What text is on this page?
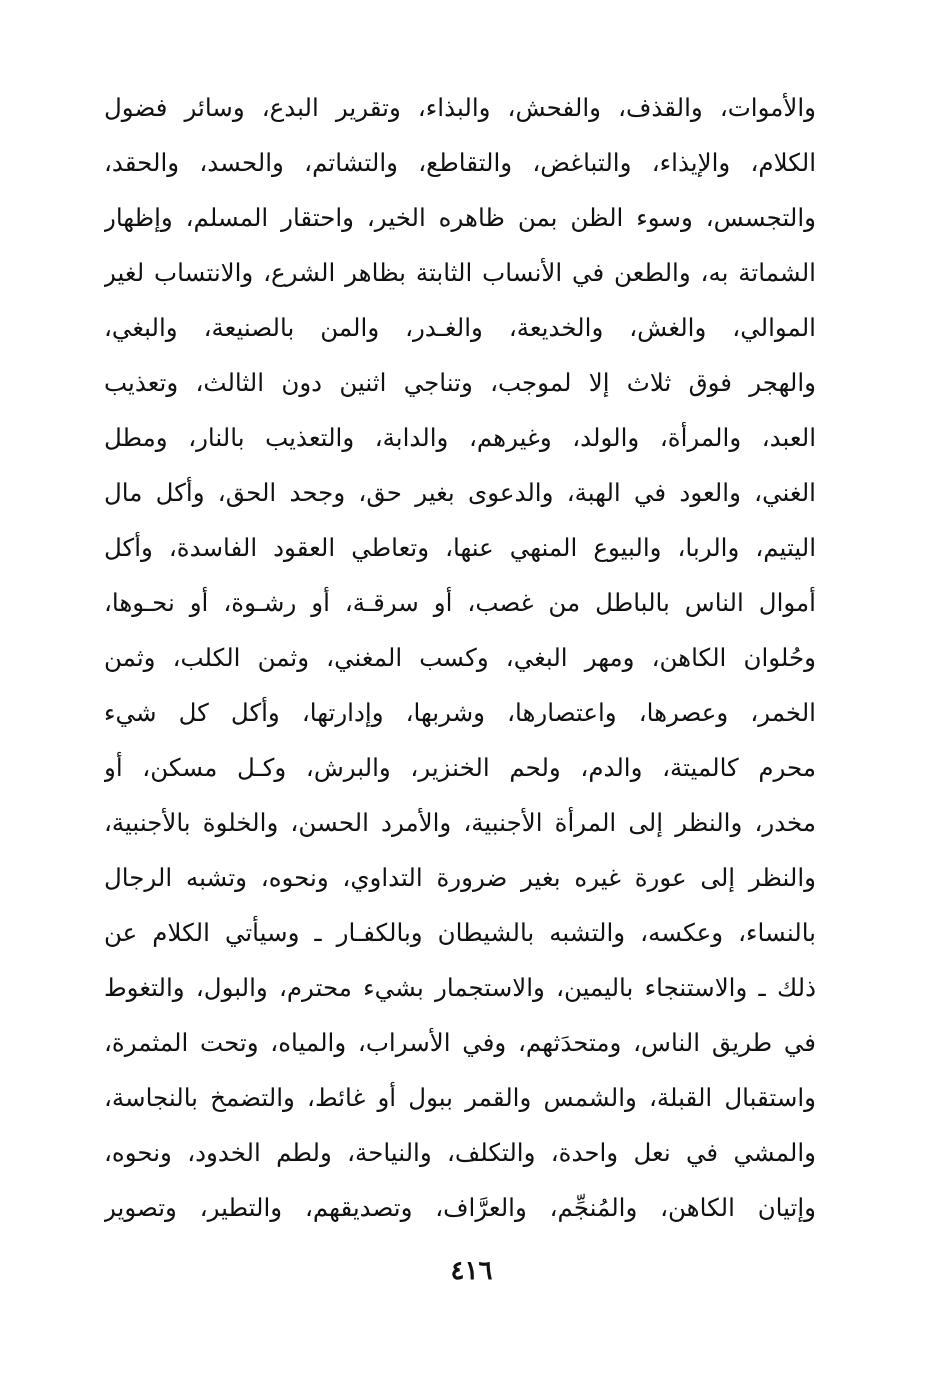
والأموات، والقذف، والفحش، والبذاء، وتقرير البدع، وسائر فضول
الكلام، والإيذاء، والتباغض، والتقاطع، والتشاتم، والحسد، والحقد،
والتجسس، وسوء الظن بمن ظاهره الخير، واحتقار المسلم، وإظهار
الشماتة به، والطعن في الأنساب الثابتة بظاهر الشرع، والانتساب لغير
الموالي، والغش، والخديعة، والغـدر، والمن بالصنيعة، والبغي،
والهجر فوق ثلاث إلا لموجب، وتناجي اثنين دون الثالث، وتعذيب
العبد، والمرأة، والولد، وغيرهم، والدابة، والتعذيب بالنار، ومطل
الغني، والعود في الهبة، والدعوى بغير حق، وجحد الحق، وأكل مال
اليتيم، والربا، والبيوع المنهي عنها، وتعاطي العقود الفاسدة، وأكل
أموال الناس بالباطل من غصب، أو سرقـة، أو رشـوة، أو نحـوها،
وحُلوان الكاهن، ومهر البغي، وكسب المغني، وثمن الكلب، وثمن
الخمر، وعصرها، واعتصارها، وشربها، وإدارتها، وأكل كل شيء
محرم كالميتة، والدم، ولحم الخنزير، والبرش، وكـل مسكن، أو
مخدر، والنظر إلى المرأة الأجنبية، والأمرد الحسن، والخلوة بالأجنبية،
والنظر إلى عورة غيره بغير ضرورة التداوي، ونحوه، وتشبه الرجال
بالنساء، وعكسه، والتشبه بالشيطان وبالكفـار ـ وسيأتي الكلام عن
ذلك ـ والاستنجاء باليمين، والاستجمار بشيء محترم، والبول، والتغوط
في طريق الناس، ومتحدَثهم، وفي الأسراب، والمياه، وتحت المثمرة،
واستقبال القبلة، والشمس والقمر ببول أو غائط، والتضمخ بالنجاسة،
والمشي في نعل واحدة، والتكلف، والنياحة، ولطم الخدود، ونحوه،
وإتيان الكاهن، والمُنجِّم، والعرَّاف، وتصديقهم، والتطير، وتصوير
٤١٦
